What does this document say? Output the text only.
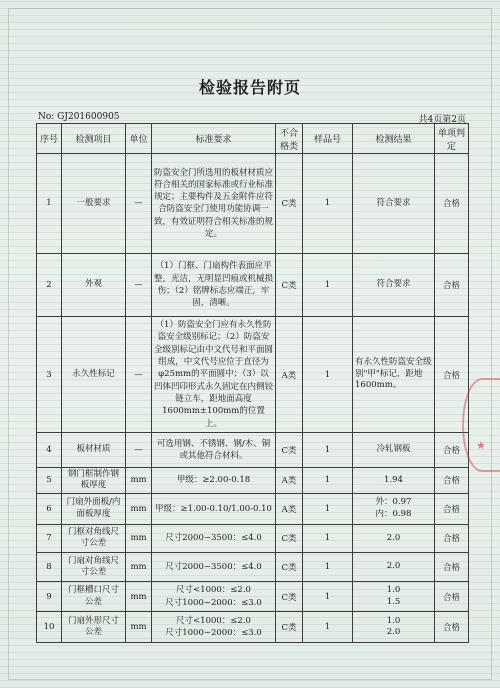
检验报告附页
No: GJ201600905	共4页第2页
序号	检测项目	单位	标准要求	不合格类	样品号	检测结果	单项判定
1	一般要求	—	防盗安全门所选用的板材材质应符合相关的国家标准或行业标准规定；主要构件及五金附件应符合防盗安全门使用功能协调一致，有效证明符合相关标准的规定。	C类	1	符合要求	合格
2	外观	—	（1）门框、门扇构件表面应平整，光洁，无明显凹痕或机械损伤；（2）铭牌标志应端正，牢固，清晰。	C类	1	符合要求	合格
3	永久性标记	—	（1）防盗安全门应有永久性防盗安全级别标记；（2）防盗安全级别标记由中文代号和平面圆组成，中文代号应位于直径为φ25mm的平面圆中；（3）以凹体凹印形式永久固定在内侧铰链立车，距地面高度1600mm±100mm的位置上。	A类	1	有永久性防盗安全级别"甲"标记，距地1600mm。	合格
4	板材材质	—	可选用钢、不锈钢、钢/木、铜或其他符合材料。	C类	1	冷轧钢板	合格
5	钢门框制作钢板厚度	mm	甲级：≥2.00-0.18	A类	1	1.94	合格
6	门扇外面板/内面板厚度	mm	甲级：≥1.00-0.10/1.00-0.10	A类	1	外：0.97
内：0.98	合格
7	门框对角线尺寸公差	mm	尺寸2000~3500：≤4.0	C类	1	2.0	合格
8	门扇对角线尺寸公差	mm	尺寸2000~3500：≤4.0	C类	1	2.0	合格
9	门框槽口尺寸公差	mm	尺寸<1000：≤2.0
尺寸1000~2000：≤3.0	C类	1	1.0
1.5	合格
10	门扇外形尺寸公差	mm	尺寸<1000：≤2.0
尺寸1000~2000：≤3.0	C类	1	1.0
2.0	合格
★
